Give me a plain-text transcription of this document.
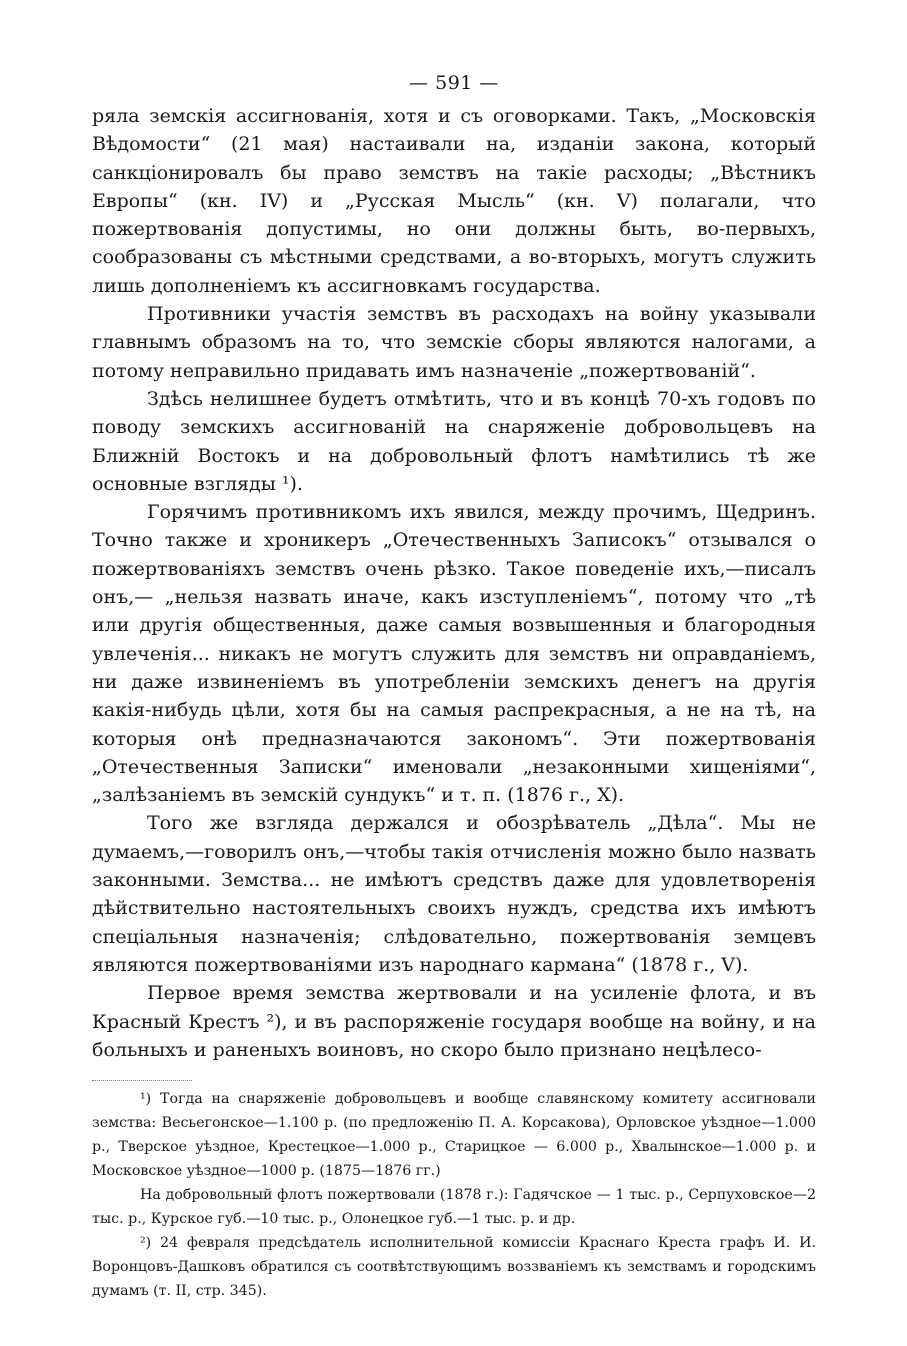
— 591 —

ряла земскія ассигнованія, хотя и съ оговорками. Такъ, „Московскія Вѣдомости“ (21 мая) настаивали на, изданіи закона, который санкціонировалъ бы право земствъ на такіе расходы; „Вѣстникъ Европы“ (кн. IV) и „Русская Мысль“ (кн. V) полагали, что пожертвованія допустимы, но они должны быть, во-первыхъ, сообразованы съ мѣстными средствами, а во-вторыхъ, могутъ служить лишь дополненіемъ къ ассигновкамъ государства.

Противники участія земствъ въ расходахъ на войну указывали главнымъ образомъ на то, что земскіе сборы являются налогами, а потому неправильно придавать имъ назначеніе „пожертвованій“.

Здѣсь нелишнее будетъ отмѣтить, что и въ концѣ 70-хъ годовъ по поводу земскихъ ассигнованій на снаряженіе добровольцевъ на Ближній Востокъ и на добровольный флотъ намѣтились тѣ же основные взгляды ¹).

Горячимъ противникомъ ихъ явился, между прочимъ, Щедринъ. Точно также и хроникеръ „Отечественныхъ Записокъ“ отзывался о пожертвованіяхъ земствъ очень рѣзко. Такое поведеніе ихъ,—писалъ онъ,— „нельзя назвать иначе, какъ изступленіемъ“, потому что „тѣ или другія общественныя, даже самыя возвышенныя и благородныя увлеченія... никакъ не могутъ служить для земствъ ни оправданіемъ, ни даже извиненіемъ въ употребленіи земскихъ денегъ на другія какія-нибудь цѣли, хотя бы на самыя распрекрасныя, а не на тѣ, на которыя онѣ предназначаются закономъ“. Эти пожертвованія „Отечественныя Записки“ именовали „незаконными хищеніями“, „залѣзаніемъ въ земскій сундукъ“ и т. п. (1876 г., X).

Того же взгляда держался и обозрѣватель „Дѣла“. Мы не думаемъ,—говорилъ онъ,—чтобы такія отчисленія можно было назвать законными. Земства... не имѣютъ средствъ даже для удовлетворенія дѣйствительно настоятельныхъ своихъ нуждъ, средства ихъ имѣютъ спеціальныя назначенія; слѣдовательно, пожертвованія земцевъ являются пожертвованіями изъ народнаго кармана“ (1878 г., V).

Первое время земства жертвовали и на усиленіе флота, и въ Красный Крестъ ²), и въ распоряженіе государя вообще на войну, и на больныхъ и раненыхъ воиновъ, но скоро было признано нецѣлесо-

¹) Тогда на снаряженіе добровольцевъ и вообще славянскому комитету ассигновали земства: Весьегонское—1.100 р. (по предложенію П. А. Корсакова), Орловское уѣздное—1.000 р., Тверское уѣздное, Крестецкое—1.000 р., Старицкое — 6.000 р., Хвалынское—1.000 р. и Московское уѣздное—1000 р. (1875—1876 гг.)

На добровольный флотъ пожертвовали (1878 г.): Гадячское — 1 тыс. р., Серпуховское—2 тыс. р., Курское губ.—10 тыс. р., Олонецкое губ.—1 тыс. р. и др.

²) 24 февраля предсѣдатель исполнительной комиссіи Краснаго Креста графъ И. И. Воронцовъ-Дашковъ обратился съ соотвѣтствующимъ воззваніемъ къ земствамъ и городскимъ думамъ (т. II, стр. 345).
